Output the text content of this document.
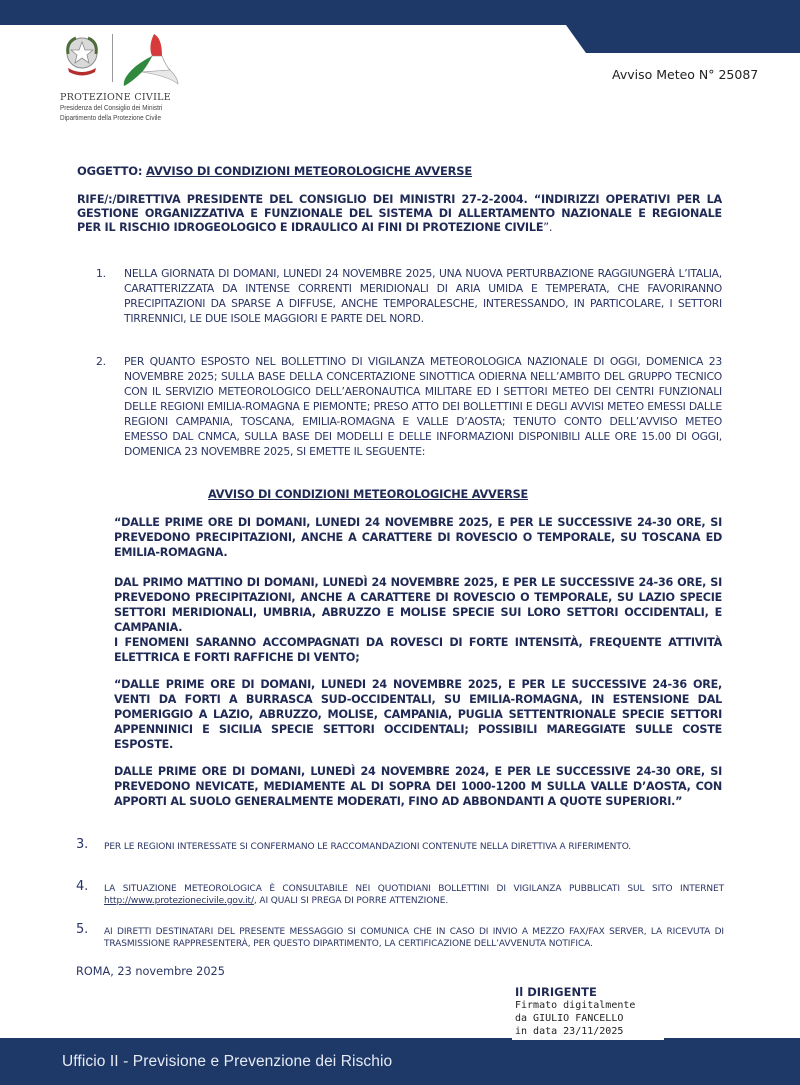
PROTEZIONE CIVILE
Presidenza del Consiglio dei Ministri
Dipartimento della Protezione Civile
Avviso Meteo N° 25087
OGGETTO: AVVISO DI CONDIZIONI METEOROLOGICHE AVVERSE
RIFE/:/DIRETTIVA PRESIDENTE DEL CONSIGLIO DEI MINISTRI 27-2-2004. “INDIRIZZI OPERATIVI PER LA GESTIONE ORGANIZZATIVA E FUNZIONALE DEL SISTEMA DI ALLERTAMENTO NAZIONALE E REGIONALE PER IL RISCHIO IDROGEOLOGICO E IDRAULICO AI FINI DI PROTEZIONE CIVILE”.
1. NELLA GIORNATA DI DOMANI, LUNEDI 24 NOVEMBRE 2025, UNA NUOVA PERTURBAZIONE RAGGIUNGERÀ L’ITALIA, CARATTERIZZATA DA INTENSE CORRENTI MERIDIONALI DI ARIA UMIDA E TEMPERATA, CHE FAVORIRANNO PRECIPITAZIONI DA SPARSE A DIFFUSE, ANCHE TEMPORALESCHE, INTERESSANDO, IN PARTICOLARE, I SETTORI TIRRENNICI, LE DUE ISOLE MAGGIORI E PARTE DEL NORD.
2. PER QUANTO ESPOSTO NEL BOLLETTINO DI VIGILANZA METEOROLOGICA NAZIONALE DI OGGI, DOMENICA 23 NOVEMBRE 2025; SULLA BASE DELLA CONCERTAZIONE SINOTTICA ODIERNA NELL’AMBITO DEL GRUPPO TECNICO CON IL SERVIZIO METEOROLOGICO DELL’AERONAUTICA MILITARE ED I SETTORI METEO DEI CENTRI FUNZIONALI DELLE REGIONI EMILIA-ROMAGNA E PIEMONTE; PRESO ATTO DEI BOLLETTINI E DEGLI AVVISI METEO EMESSI DALLE REGIONI CAMPANIA, TOSCANA, EMILIA-ROMAGNA E VALLE D’AOSTA; TENUTO CONTO DELL’AVVISO METEO EMESSO DAL CNMCA, SULLA BASE DEI MODELLI E DELLE INFORMAZIONI DISPONIBILI ALLE ORE 15.00 DI OGGI, DOMENICA 23 NOVEMBRE 2025, SI EMETTE IL SEGUENTE:
AVVISO DI CONDIZIONI METEOROLOGICHE AVVERSE
“DALLE PRIME ORE DI DOMANI, LUNEDI 24 NOVEMBRE 2025, E PER LE SUCCESSIVE 24-30 ORE, SI PREVEDONO PRECIPITAZIONI, ANCHE A CARATTERE DI ROVESCIO O TEMPORALE, SU TOSCANA ED EMILIA-ROMAGNA.
DAL PRIMO MATTINO DI DOMANI, LUNEDÌ 24 NOVEMBRE 2025, E PER LE SUCCESSIVE 24-36 ORE, SI PREVEDONO PRECIPITAZIONI, ANCHE A CARATTERE DI ROVESCIO O TEMPORALE, SU LAZIO SPECIE SETTORI MERIDIONALI, UMBRIA, ABRUZZO E MOLISE SPECIE SUI LORO SETTORI OCCIDENTALI, E CAMPANIA.
I FENOMENI SARANNO ACCOMPAGNATI DA ROVESCI DI FORTE INTENSITÀ, FREQUENTE ATTIVITÀ ELETTRICA E FORTI RAFFICHE DI VENTO;
“DALLE PRIME ORE DI DOMANI, LUNEDI 24 NOVEMBRE 2025, E PER LE SUCCESSIVE 24-36 ORE, VENTI DA FORTI A BURRASCA SUD-OCCIDENTALI, SU EMILIA-ROMAGNA, IN ESTENSIONE DAL POMERIGGIO A LAZIO, ABRUZZO, MOLISE, CAMPANIA, PUGLIA SETTENTRIONALE SPECIE SETTORI APPENNINICI E SICILIA SPECIE SETTORI OCCIDENTALI; POSSIBILI MAREGGIATE SULLE COSTE ESPOSTE.
DALLE PRIME ORE DI DOMANI, LUNEDÌ 24 NOVEMBRE 2024, E PER LE SUCCESSIVE 24-30 ORE, SI PREVEDONO NEVICATE, MEDIAMENTE AL DI SOPRA DEI 1000-1200 M SULLA VALLE D’AOSTA, CON APPORTI AL SUOLO GENERALMENTE MODERATI, FINO AD ABBONDANTI A QUOTE SUPERIORI.”
3. PER LE REGIONI INTERESSATE SI CONFERMANO LE RACCOMANDAZIONI CONTENUTE NELLA DIRETTIVA A RIFERIMENTO.
4. LA SITUAZIONE METEOROLOGICA È CONSULTABILE NEI QUOTIDIANI BOLLETTINI DI VIGILANZA PUBBLICATI SUL SITO INTERNET http://www.protezionecivile.gov.it/, AI QUALI SI PREGA DI PORRE ATTENZIONE.
5. AI DIRETTI DESTINATARI DEL PRESENTE MESSAGGIO SI COMUNICA CHE IN CASO DI INVIO A MEZZO FAX/FAX SERVER, LA RICEVUTA DI TRASMISSIONE RAPPRESENTERÀ, PER QUESTO DIPARTIMENTO, LA CERTIFICAZIONE DELL’AVVENUTA NOTIFICA.
ROMA, 23 novembre 2025
Ufficio II - Previsione e Prevenzione dei Rischio
Il DIRIGENTE
Firmato digitalmente
da GIULIO FANCELLO
in data 23/11/2025
